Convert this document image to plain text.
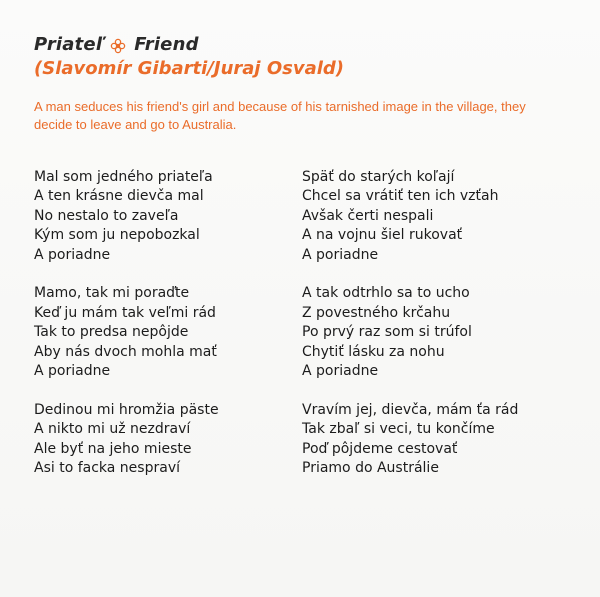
Priateľ Friend
(Slavomír Gibarti/Juraj Osvald)
A man seduces his friend's girl and because of his tarnished image in the village, they decide to leave and go to Australia.
Mal som jedného priateľa
A ten krásne dievča mal
No nestalo to zaveľa
Kým som ju nepobozkal
A poriadne
Mamo, tak mi poraďte
Keď ju mám tak veľmi rád
Tak to predsa nepôjde
Aby nás dvoch mohla mať
A poriadne
Dedinou mi hromžia päste
A nikto mi už nezdraví
Ale byť na jeho mieste
Asi to facka nespraví
Späť do starých koľají
Chcel sa vrátiť ten ich vzťah
Avšak čerti nespali
A na vojnu šiel rukovať
A poriadne
A tak odtrhlo sa to ucho
Z povestného krčahu
Po prvý raz som si trúfol
Chytiť lásku za nohu
A poriadne
Vravím jej, dievča, mám ťa rád
Tak zbaľ si veci, tu končíme
Poď pôjdeme cestovať
Priamo do Austrálie
